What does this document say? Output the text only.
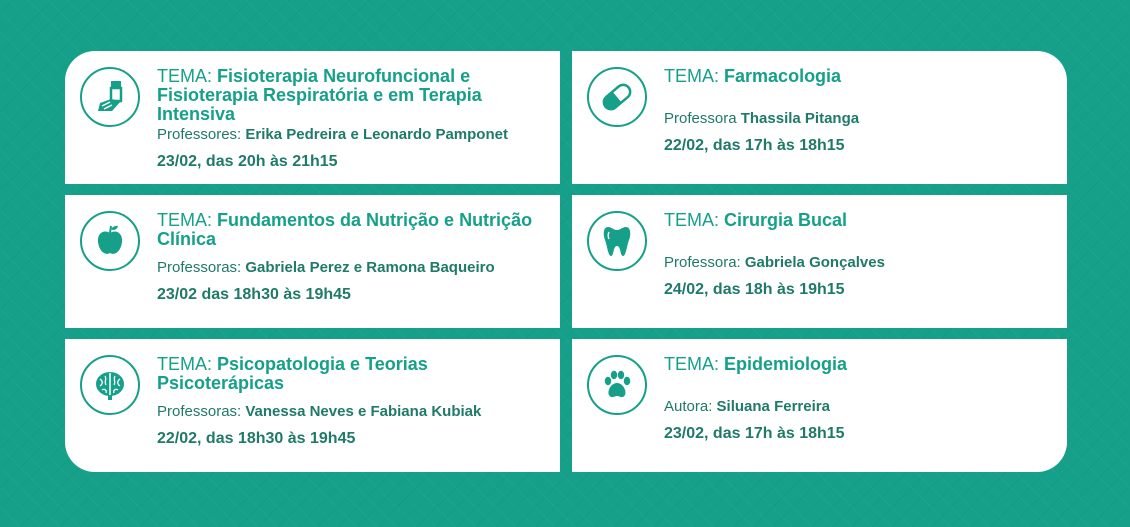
TEMA: Fisioterapia Neurofuncional e Fisioterapia Respiratória e em Terapia Intensiva

Professores: Erika Pedreira e Leonardo Pamponet
23/02, das 20h às 21h15

TEMA: Farmacologia

Professora Thassila Pitanga
22/02, das 17h às 18h15

TEMA: Fundamentos da Nutrição e Nutrição Clínica

Professoras: Gabriela Perez e Ramona Baqueiro
23/02 das 18h30 às 19h45

TEMA: Cirurgia Bucal

Professora: Gabriela Gonçalves
24/02, das 18h às 19h15

TEMA: Psicopatologia e Teorias Psicoterápicas

Professoras: Vanessa Neves e Fabiana Kubiak
22/02, das 18h30 às 19h45

TEMA: Epidemiologia

Autora: Siluana Ferreira
23/02, das 17h às 18h15
